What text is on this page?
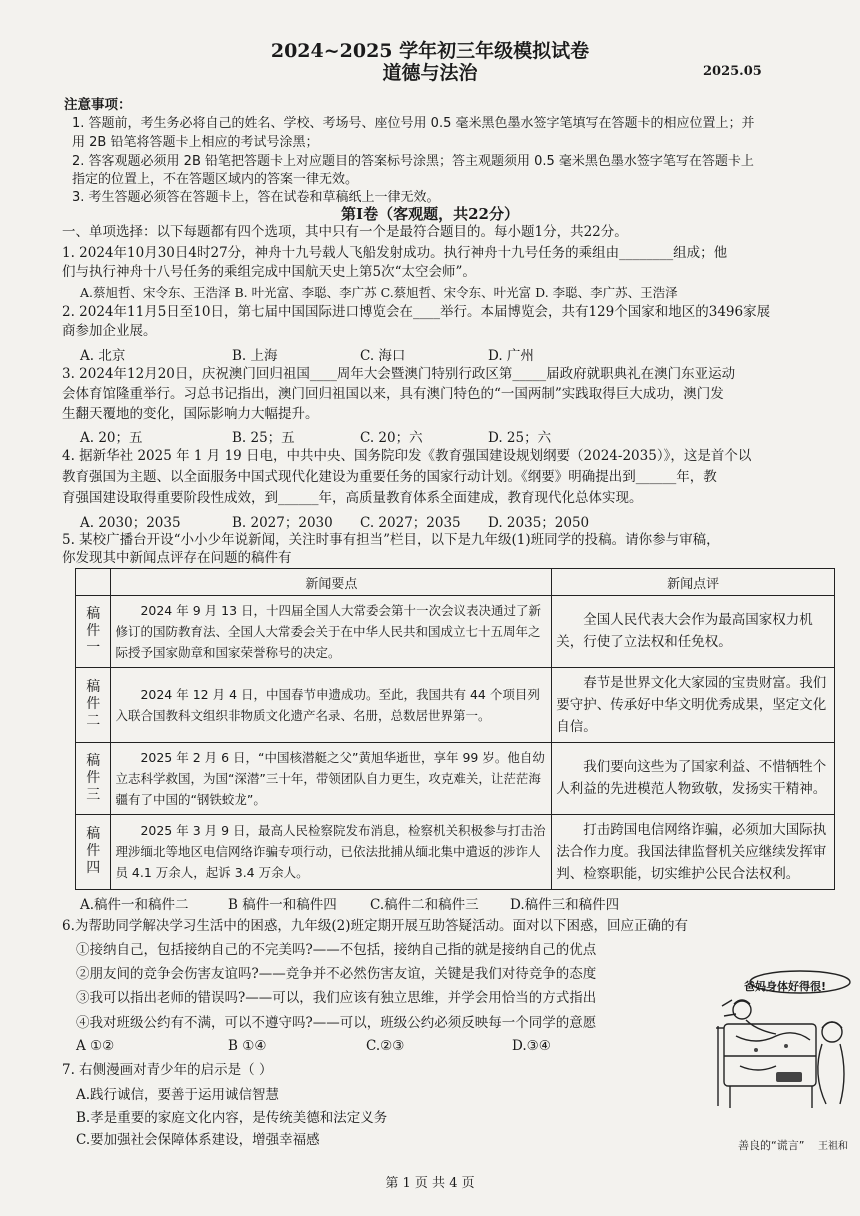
2024~2025 学年初三年级模拟试卷
道德与法治	2025.05
注意事项：
1. 答题前，考生务必将自己的姓名、学校、考场号、座位号用 0.5 毫米黑色墨水签字笔填写在答题卡的相应位置上；并
用 2B 铅笔将答题卡上相应的考试号涂黑；
2. 答客观题必须用 2B 铅笔把答题卡上对应题目的答案标号涂黑；答主观题须用 0.5 毫米黑色墨水签字笔写在答题卡上
指定的位置上，不在答题区域内的答案一律无效。
3. 考生答题必须答在答题卡上，答在试卷和草稿纸上一律无效。
第Ⅰ卷（客观题，共22分）
一、单项选择：以下每题都有四个选项，其中只有一个是最符合题目的。每小题1分，共22分。
1. 2024年10月30日4时27分，神舟十九号载人飞船发射成功。执行神舟十九号任务的乘组由________组成；他
们与执行神舟十八号任务的乘组完成中国航天史上第5次“太空会师”。
A.蔡旭哲、宋令东、王浩泽 B. 叶光富、李聪、李广苏 C.蔡旭哲、宋令东、叶光富 D. 李聪、李广苏、王浩泽
2. 2024年11月5日至10日，第七届中国国际进口博览会在____举行。本届博览会，共有129个国家和地区的3496家展
商参加企业展。
A. 北京	B. 上海	C. 海口	D. 广州
3. 2024年12月20日，庆祝澳门回归祖国____周年大会暨澳门特别行政区第_____届政府就职典礼在澳门东亚运动
会体育馆隆重举行。习总书记指出，澳门回归祖国以来，具有澳门特色的“一国两制”实践取得巨大成功，澳门发
生翻天覆地的变化，国际影响力大幅提升。
A. 20；五	B. 25；五	C. 20；六	D. 25；六
4. 据新华社 2025 年 1 月 19 日电，中共中央、国务院印发《教育强国建设规划纲要（2024-2035）》，这是首个以
教育强国为主题、以全面服务中国式现代化建设为重要任务的国家行动计划。《纲要》明确提出到______年，教
育强国建设取得重要阶段性成效，到______年，高质量教育体系全面建成，教育现代化总体实现。
A. 2030；2035	B. 2027；2030 C. 2027；2035 D. 2035；2050
5. 某校广播台开设“小小少年说新闻，关注时事有担当”栏目，以下是九年级(1)班同学的投稿。请你参与审稿，
你发现其中新闻点评存在问题的稿件有
	新闻要点	新闻点评

稿
件
一	2024 年 9 月 13 日，十四届全国人大常委会第十一次会议表决通过了新修订的国防教育法、全国人大常委会关于在中华人民共和国成立七十五周年之际授予国家勋章和国家荣誉称号的决定。	全国人民代表大会作为最高国家权力机关，行使了立法权和任免权。

稿
件
二	2024 年 12 月 4 日，中国春节申遗成功。至此，我国共有 44 个项目列入联合国教科文组织非物质文化遗产名录、名册，总数居世界第一。	春节是世界文化大家园的宝贵财富。我们要守护、传承好中华文明优秀成果，坚定文化自信。

稿
件
三	2025 年 2 月 6 日，“中国核潜艇之父”黄旭华逝世，享年 99 岁。他自幼立志科学救国，为国“深潜”三十年，带领团队自力更生，攻克难关，让茫茫海疆有了中国的“钢铁蛟龙”。	我们要向这些为了国家利益、不惜牺牲个人利益的先进模范人物致敬，发扬实干精神。

稿
件
四	2025 年 3 月 9 日，最高人民检察院发布消息，检察机关积极参与打击治理涉缅北等地区电信网络诈骗专项行动，已依法批捕从缅北集中遣返的涉诈人员 4.1 万余人，起诉 3.4 万余人。	打击跨国电信网络诈骗，必须加大国际执法合作力度。我国法律监督机关应继续发挥审判、检察职能，切实维护公民合法权利。
A.稿件一和稿件二	B 稿件一和稿件四 C.稿件二和稿件三 D.稿件三和稿件四
6.为帮助同学解决学习生活中的困惑，九年级(2)班定期开展互助答疑活动。面对以下困惑，回应正确的有
①接纳自己，包括接纳自己的不完美吗?——不包括，接纳自己指的就是接纳自己的优点
②朋友间的竞争会伤害友谊吗?——竞争并不必然伤害友谊，关键是我们对待竞争的态度
③我可以指出老师的错误吗?——可以，我们应该有独立思维，并学会用恰当的方式指出
④我对班级公约有不满，可以不遵守吗?——可以，班级公约必须反映每一个同学的意愿
A ①②	B ①④	C.②③	D.③④
7. 右侧漫画对青少年的启示是（ ）
A.践行诚信，要善于运用诚信智慧
B.孝是重要的家庭文化内容，是传统美德和法定义务
C.要加强社会保障体系建设，增强幸福感
爸妈身体好得很!
善良的“谎言” 王祖和
第 1 页 共 4 页
